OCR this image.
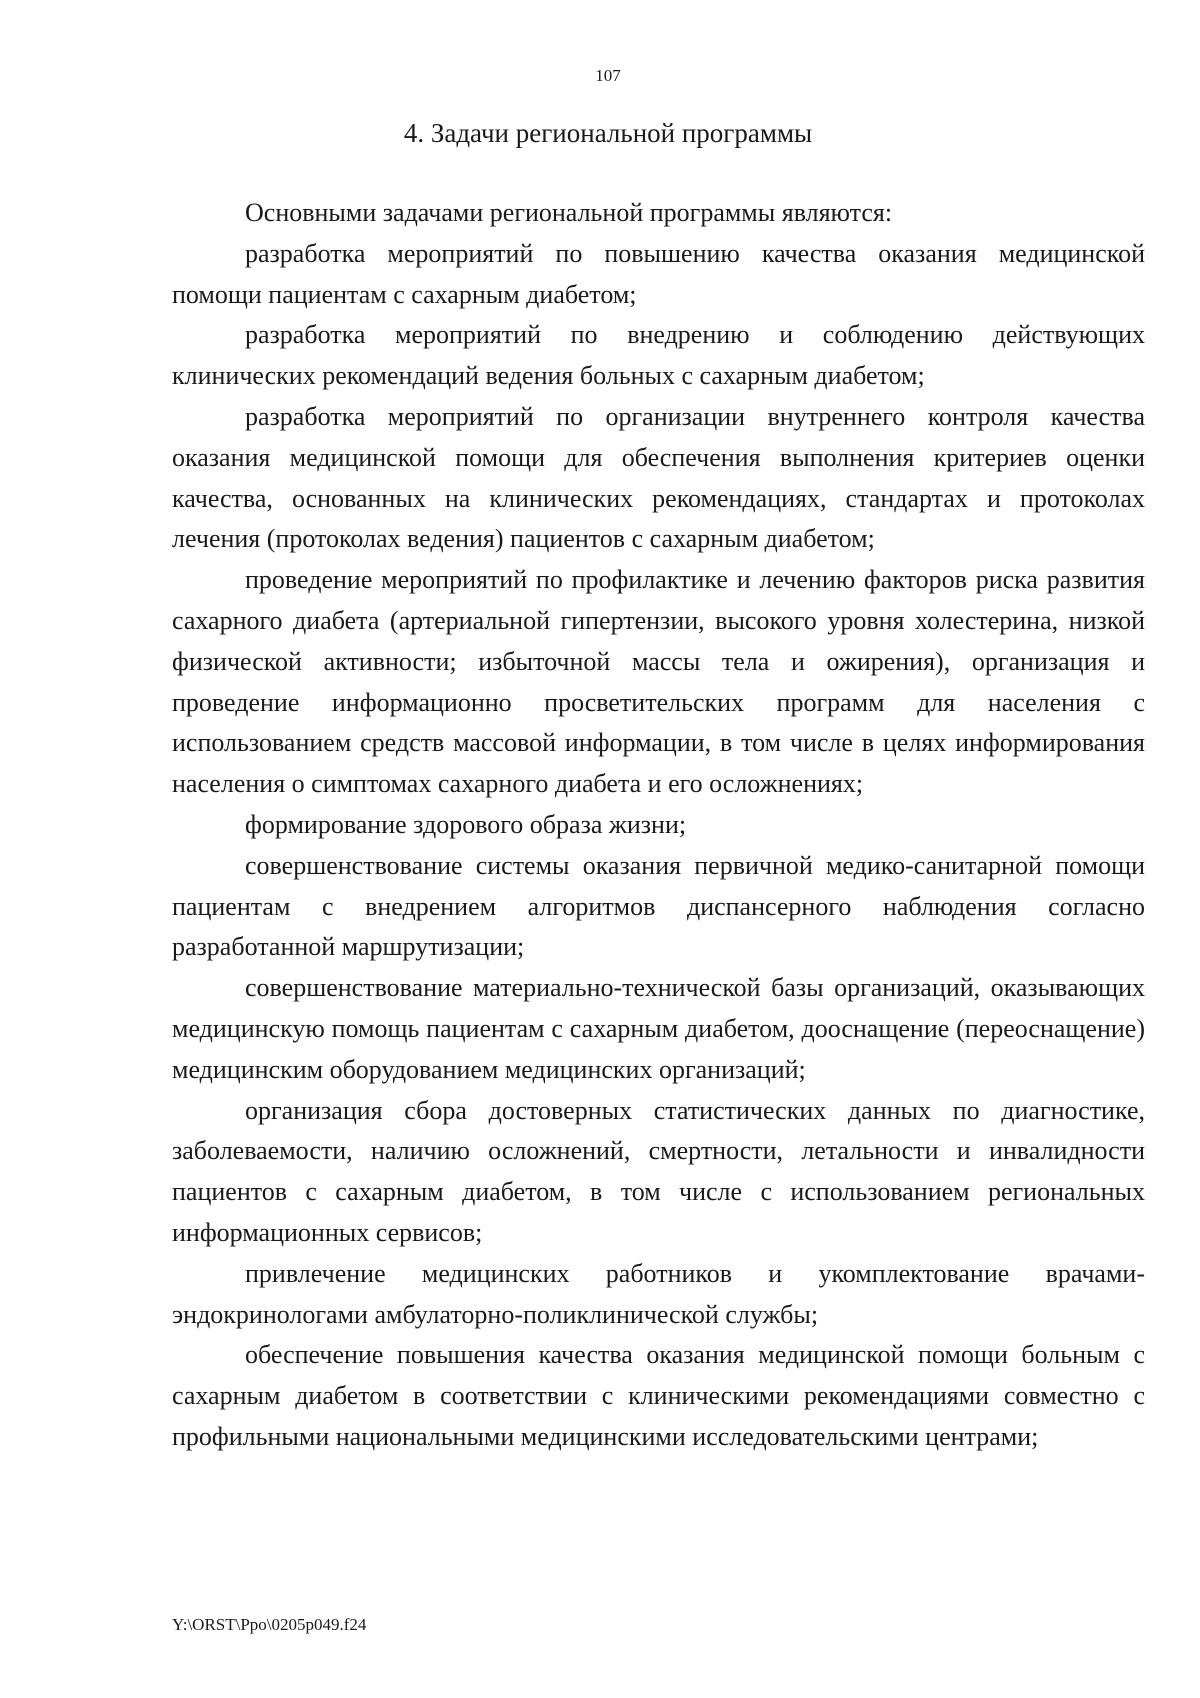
107
4. Задачи региональной программы

Основными задачами региональной программы являются:

разработка мероприятий по повышению качества оказания медицинской помощи пациентам с сахарным диабетом;

разработка мероприятий по внедрению и соблюдению действующих клинических рекомендаций ведения больных с сахарным диабетом;

разработка мероприятий по организации внутреннего контроля качества оказания медицинской помощи для обеспечения выполнения критериев оценки качества, основанных на клинических рекомендациях, стандартах и протоколах лечения (протоколах ведения) пациентов с сахарным диабетом;

проведение мероприятий по профилактике и лечению факторов риска развития сахарного диабета (артериальной гипертензии, высокого уровня холестерина, низкой физической активности; избыточной массы тела и ожирения), организация и проведение информационно просветительских программ для населения с использованием средств массовой информации, в том числе в целях информирования населения о симптомах сахарного диабета и его осложнениях;

формирование здорового образа жизни;

совершенствование системы оказания первичной медико-санитарной помощи пациентам с внедрением алгоритмов диспансерного наблюдения согласно разработанной маршрутизации;

совершенствование материально-технической базы организаций, оказывающих медицинскую помощь пациентам с сахарным диабетом, дооснащение (переоснащение) медицинским оборудованием медицинских организаций;

организация сбора достоверных статистических данных по диагностике, заболеваемости, наличию осложнений, смертности, летальности и инвалидности пациентов с сахарным диабетом, в том числе с использованием региональных информационных сервисов;

привлечение медицинских работников и укомплектование врачами-эндокринологами амбулаторно-поликлинической службы;

обеспечение повышения качества оказания медицинской помощи больным с сахарным диабетом в соответствии с клиническими рекомендациями совместно с профильными национальными медицинскими исследовательскими центрами;

Y:\ORST\Ppo\0205p049.f24
